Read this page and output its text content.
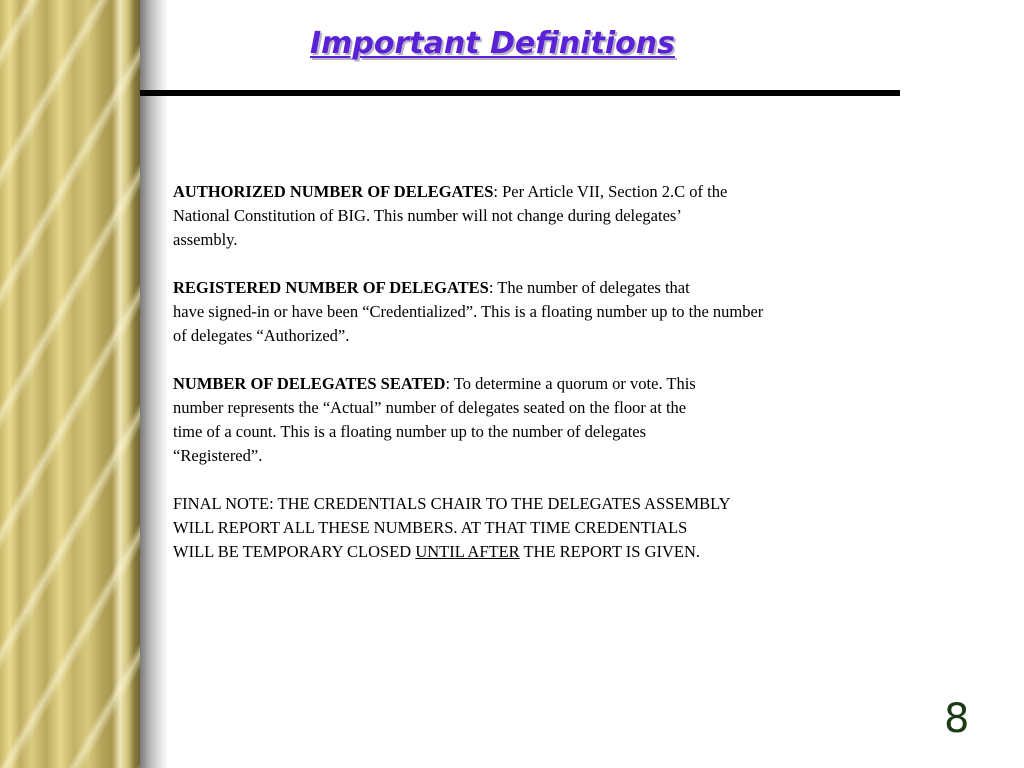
Important Definitions

AUTHORIZED NUMBER OF DELEGATES: Per Article VII, Section 2.C of the
National Constitution of BIG. This number will not change during delegates’
assembly.

REGISTERED NUMBER OF DELEGATES: The number of delegates that
have signed-in or have been “Credentialized”. This is a floating number up to the number
of delegates “Authorized”.

NUMBER OF DELEGATES SEATED: To determine a quorum or vote. This
number represents the “Actual” number of delegates seated on the floor at the
time of a count. This is a floating number up to the number of delegates
“Registered”.

FINAL NOTE: THE CREDENTIALS CHAIR TO THE DELEGATES ASSEMBLY
WILL REPORT ALL THESE NUMBERS. AT THAT TIME CREDENTIALS
WILL BE TEMPORARY CLOSED UNTIL AFTER THE REPORT IS GIVEN.

8
